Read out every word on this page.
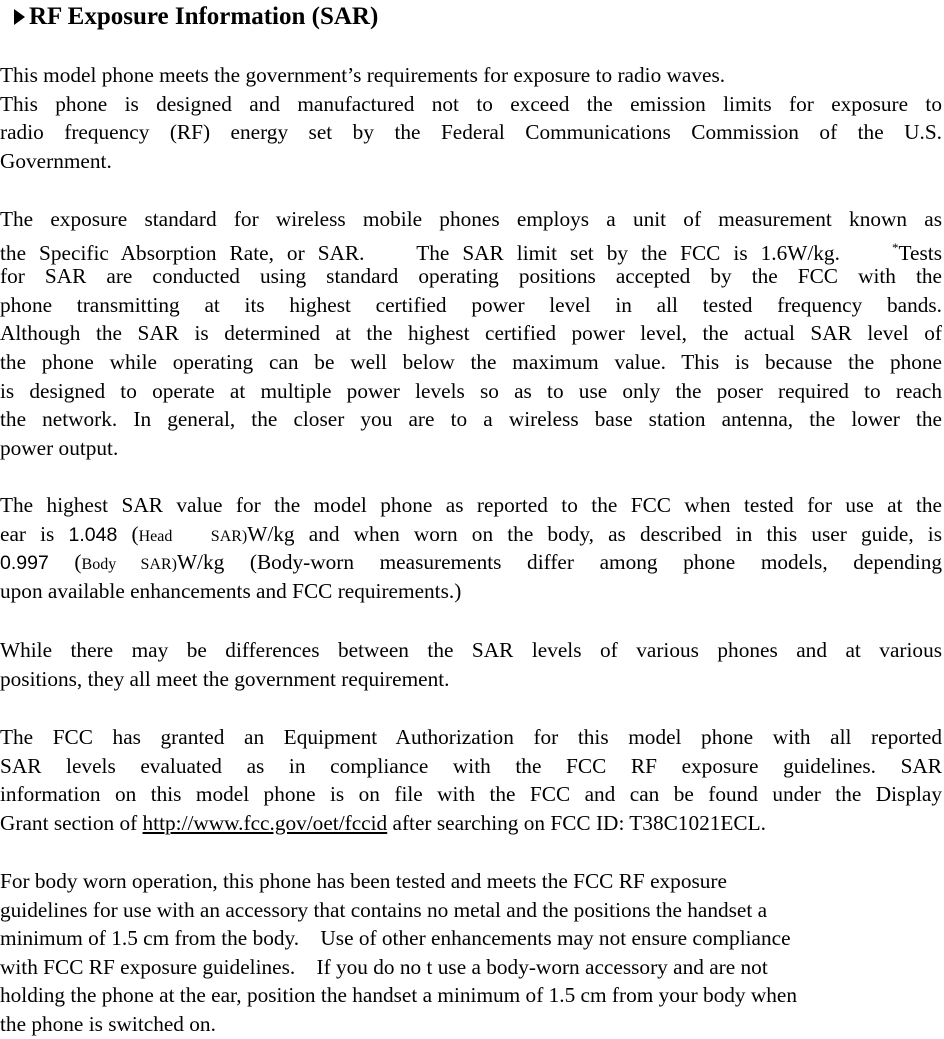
RF Exposure Information (SAR)
This model phone meets the government’s requirements for exposure to radio waves.
This phone is designed and manufactured not to exceed the emission limits for exposure to
radio frequency (RF) energy set by the Federal Communications Commission of the U.S.
Government.
The exposure standard for wireless mobile phones employs a unit of measurement known as
the Specific Absorption Rate, or SAR.    The SAR limit set by the FCC is 1.6W/kg.    *Tests
for SAR are conducted using standard operating positions accepted by the FCC with the
phone transmitting at its highest certified power level in all tested frequency bands.
Although the SAR is determined at the highest certified power level, the actual SAR level of
the phone while operating can be well below the maximum value. This is because the phone
is designed to operate at multiple power levels so as to use only the poser required to reach
the network. In general, the closer you are to a wireless base station antenna, the lower the
power output.
The highest SAR value for the model phone as reported to the FCC when tested for use at the
ear is 1.048 (Head   SAR)W/kg and when worn on the body, as described in this user guide, is
0.997 (Body SAR)W/kg (Body-worn measurements differ among phone models, depending
upon available enhancements and FCC requirements.)
While there may be differences between the SAR levels of various phones and at various
positions, they all meet the government requirement.
The FCC has granted an Equipment Authorization for this model phone with all reported
SAR levels evaluated as in compliance with the FCC RF exposure guidelines. SAR
information on this model phone is on file with the FCC and can be found under the Display
Grant section of http://www.fcc.gov/oet/fccid after searching on FCC ID: T38C1021ECL.
For body worn operation, this phone has been tested and meets the FCC RF exposure
guidelines for use with an accessory that contains no metal and the positions the handset a
minimum of 1.5 cm from the body.    Use of other enhancements may not ensure compliance
with FCC RF exposure guidelines.    If you do no t use a body-worn accessory and are not
holding the phone at the ear, position the handset a minimum of 1.5 cm from your body when
the phone is switched on.
